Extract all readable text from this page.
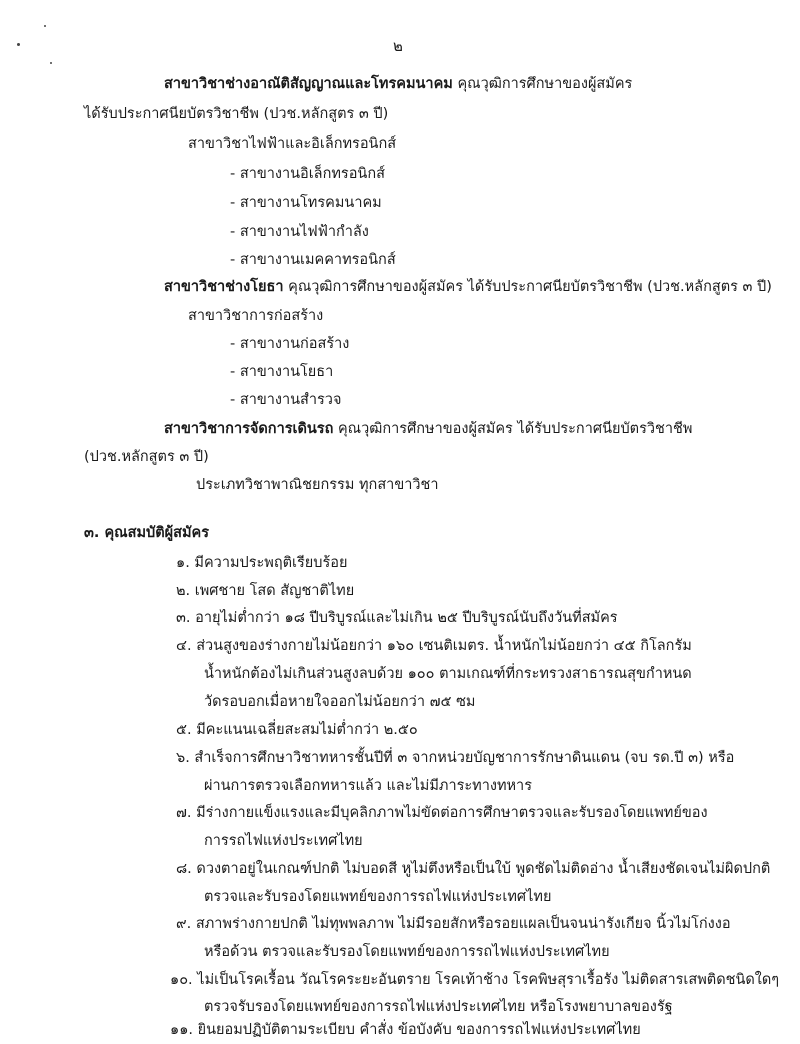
๒
สาขาวิชาช่างอาณัติสัญญาณและโทรคมนาคม คุณวุฒิการศึกษาของผู้สมัคร
ได้รับประกาศนียบัตรวิชาชีพ (ปวช.หลักสูตร ๓ ปี)
สาขาวิชาไฟฟ้าและอิเล็กทรอนิกส์
- สาขางานอิเล็กทรอนิกส์
- สาขางานโทรคมนาคม
- สาขางานไฟฟ้ากำลัง
- สาขางานเมคคาทรอนิกส์
สาขาวิชาช่างโยธา คุณวุฒิการศึกษาของผู้สมัคร ได้รับประกาศนียบัตรวิชาชีพ (ปวช.หลักสูตร ๓ ปี)
สาขาวิชาการก่อสร้าง
- สาขางานก่อสร้าง
- สาขางานโยธา
- สาขางานสำรวจ
สาขาวิชาการจัดการเดินรถ คุณวุฒิการศึกษาของผู้สมัคร ได้รับประกาศนียบัตรวิชาชีพ
(ปวช.หลักสูตร ๓ ปี)
ประเภทวิชาพาณิชยกรรม ทุกสาขาวิชา
๓. คุณสมบัติผู้สมัคร
๑. มีความประพฤติเรียบร้อย
๒. เพศชาย โสด สัญชาติไทย
๓. อายุไม่ต่ำกว่า ๑๘ ปีบริบูรณ์และไม่เกิน ๒๕ ปีบริบูรณ์นับถึงวันที่สมัคร
๔. ส่วนสูงของร่างกายไม่น้อยกว่า ๑๖๐ เซนติเมตร. น้ำหนักไม่น้อยกว่า ๔๕ กิโลกรัม
น้ำหนักต้องไม่เกินส่วนสูงลบด้วย ๑๐๐ ตามเกณฑ์ที่กระทรวงสาธารณสุขกำหนด
วัดรอบอกเมื่อหายใจออกไม่น้อยกว่า ๗๕ ซม
๕. มีคะแนนเฉลี่ยสะสมไม่ต่ำกว่า ๒.๕๐
๖. สำเร็จการศึกษาวิชาทหารชั้นปีที่ ๓ จากหน่วยบัญชาการรักษาดินแดน (จบ รด.ปี ๓) หรือ
ผ่านการตรวจเลือกทหารแล้ว และไม่มีภาระทางทหาร
๗. มีร่างกายแข็งแรงและมีบุคลิกภาพไม่ขัดต่อการศึกษาตรวจและรับรองโดยแพทย์ของ
การรถไฟแห่งประเทศไทย
๘. ดวงตาอยู่ในเกณฑ์ปกติ ไม่บอดสี หูไม่ตึงหรือเป็นใบ้ พูดชัดไม่ติดอ่าง น้ำเสียงชัดเจนไม่ผิดปกติ
ตรวจและรับรองโดยแพทย์ของการรถไฟแห่งประเทศไทย
๙. สภาพร่างกายปกติ ไม่ทุพพลภาพ ไม่มีรอยสักหรือรอยแผลเป็นจนน่ารังเกียจ นิ้วไม่โก่งงอ
หรือด้วน ตรวจและรับรองโดยแพทย์ของการรถไฟแห่งประเทศไทย
๑๐. ไม่เป็นโรคเรื้อน วัณโรคระยะอันตราย โรคเท้าช้าง โรคพิษสุราเรื้อรัง ไม่ติดสารเสพติดชนิดใดๆ
ตรวจรับรองโดยแพทย์ของการรถไฟแห่งประเทศไทย หรือโรงพยาบาลของรัฐ
๑๑. ยินยอมปฏิบัติตามระเบียบ คำสั่ง ข้อบังคับ ของการรถไฟแห่งประเทศไทย
